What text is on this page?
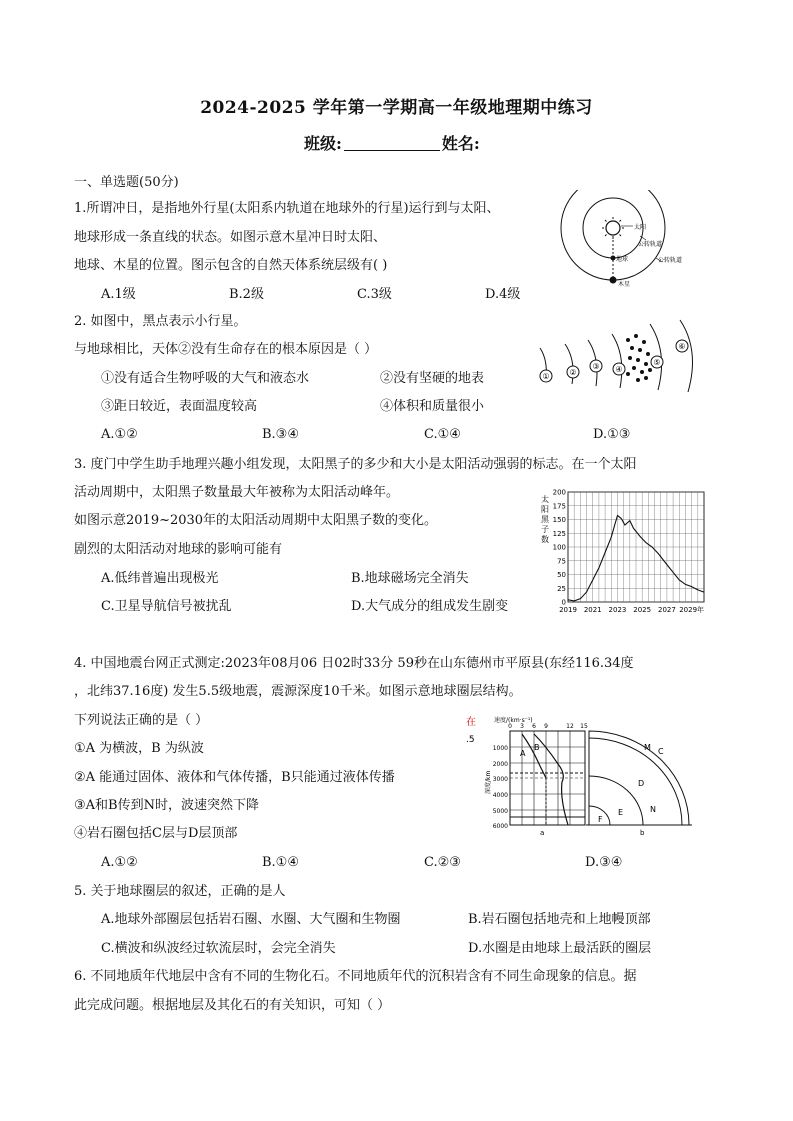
2024-2025 学年第一学期高一年级地理期中练习
班级:	姓名:
一、单选题(50分)
1.所谓冲日，是指地外行星(太阳系内轨道在地球外的行星)运行到与太阳、
地球形成一条直线的状态。如图示意木星冲日时太阳、
地球、木星的位置。图示包含的自然天体系统层级有( )
A.1级	B.2级	C.3级	D.4级
太阳
公转轨道
地球	公转轨道
木星
2. 如图中，黑点表示小行星。
与地球相比，天体②没有生命存在的根本原因是（ ）
①没有适合生物呼吸的大气和液态水	②没有坚硬的地表
③距日较近，表面温度较高	④体积和质量很小
A.①②	B.③④	C.①④	D.①③
① ②
③ ④
⑤
⑥
3. 度门中学生助手地理兴趣小组发现，太阳黑子的多少和大小是太阳活动强弱的标志。在一个太阳
活动周期中，太阳黑子数量最大年被称为太阳活动峰年。
如图示意2019~2030年的太阳活动周期中太阳黑子数的变化。
剧烈的太阳活动对地球的影响可能有
A.低纬普遍出现极光	B.地球磁场完全消失
C.卫星导航信号被扰乱	D.大气成分的组成发生剧变
太
阳
黑
子
数
0
25
50
75
100
125
150
175
200
2019 2021 2023 2025 2027 2029年
4. 中国地震台网正式测定:2023年08月06 日02时33分 59秒在山东德州市平原县(东经116.34度
，北纬37.16度) 发生5.5级地震，震源深度10千米。如图示意地球圈层结构。
下列说法正确的是（ ）
①A 为横波，B 为纵波
②A 能通过固体、液体和气体传播，B只能通过液体传播
③A和B传到N时，波速突然下降
④岩石圈包括C层与D层顶部
A.①②	B.①④	C.②③	D.③④
在
.5
速度/(km·s⁻¹)
0 3 6 9	12 15
A
B
1000
2000
3000
4000
5000
6000
深度/km
a
M C
D
E	N
F
b
5. 关于地球圈层的叙述，正确的是人
A.地球外部圈层包括岩石圈、水圈、大气圈和生物圈	B.岩石圈包括地壳和上地幔顶部
C.横波和纵波经过软流层时，会完全消失	D.水圈是由地球上最活跃的圈层
6. 不同地质年代地层中含有不同的生物化石。不同地质年代的沉积岩含有不同生命现象的信息。据
此完成问题。根据地层及其化石的有关知识，可知（ ）
